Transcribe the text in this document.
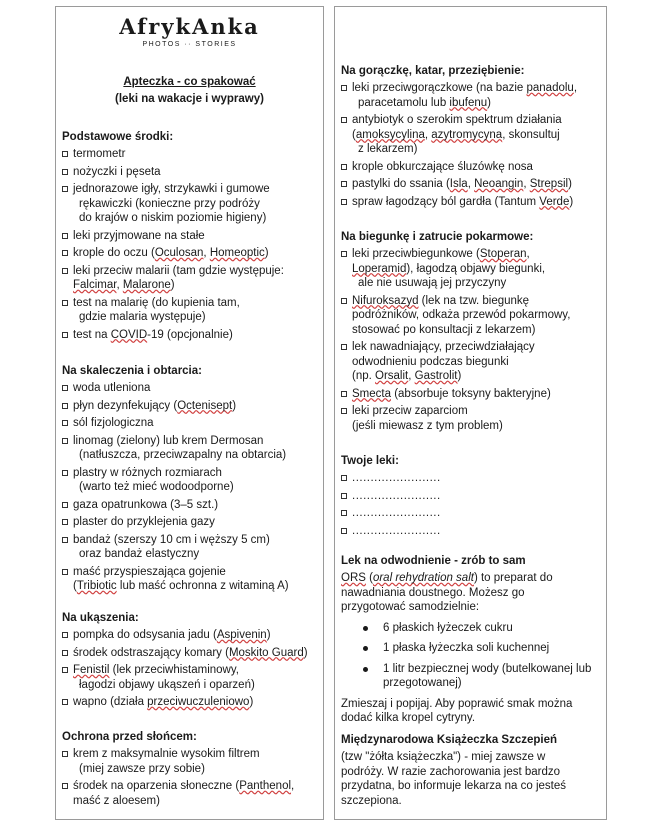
AfrykAnka
PHOTOS ·· STORIES
Apteczka - co spakować
(leki na wakacje i wyprawy)
Podstawowe środki:
termometr
nożyczki i pęseta
jednorazowe igły, strzykawki i gumowe
rękawiczki (konieczne przy podróży
do krajów o niskim poziomie higieny)
leki przyjmowane na stałe
krople do oczu (Oculosan, Homeoptic)
leki przeciw malarii (tam gdzie występuje:
Falcimar, Malarone)
test na malarię (do kupienia tam,
gdzie malaria występuje)
test na COVID-19 (opcjonalnie)
Na skaleczenia i obtarcia:
woda utleniona
płyn dezynfekujący (Octenisept)
sól fizjologiczna
linomag (zielony) lub krem Dermosan
(natłuszcza, przeciwzapalny na obtarcia)
plastry w różnych rozmiarach
(warto też mieć wodoodporne)
gaza opatrunkowa (3–5 szt.)
plaster do przyklejenia gazy
bandaż (szerszy 10 cm i węższy 5 cm)
oraz bandaż elastyczny
maść przyspieszająca gojenie
(Tribiotic lub maść ochronna z witaminą A)
Na ukąszenia:
pompka do odsysania jadu (Aspivenin)
środek odstraszający komary (Moskito Guard)
Fenistil (lek przeciwhistaminowy,
łagodzi objawy ukąszeń i oparzeń)
wapno (działa przeciwuczuleniowo)
Ochrona przed słońcem:
krem z maksymalnie wysokim filtrem
(miej zawsze przy sobie)
środek na oparzenia słoneczne (Panthenol,
maść z aloesem)
Na gorączkę, katar, przeziębienie:
leki przeciwgorączkowe (na bazie panadolu,
paracetamolu lub ibufenu)
antybiotyk o szerokim spektrum działania
(amoksycylina, azytromycyna, skonsultuj
z lekarzem)
krople obkurczające śluzówkę nosa
pastylki do ssania (Isla, Neoangin, Strepsil)
spraw łagodzący ból gardła (Tantum Verde)
Na biegunkę i zatrucie pokarmowe:
leki przeciwbiegunkowe (Stoperan,
Loperamid), łagodzą objawy biegunki,
ale nie usuwają jej przyczyny
Nifuroksazyd (lek na tzw. biegunkę
podróżników, odkaża przewód pokarmowy,
stosować po konsultacji z lekarzem)
lek nawadniający, przeciwdziałający
odwodnieniu podczas biegunki
(np. Orsalit, Gastrolit)
Smecta (absorbuje toksyny bakteryjne)
leki przeciw zaparciom
(jeśli miewasz z tym problem)
Twoje leki:
........................
........................
........................
........................
Lek na odwodnienie - zrób to sam

ORS (oral rehydration salt) to preparat do
nawadniania doustnego. Możesz go
przygotować samodzielnie:

6 płaskich łyżeczek cukru
1 płaska łyżeczka soli kuchennej
1 litr bezpiecznej wody (butelkowanej lub
przegotowanej)

Zmieszaj i popijaj. Aby poprawić smak można
dodać kilka kropel cytryny.

Międzynarodowa Książeczka Szczepień

(tzw "żółta książeczka") - miej zawsze w
podróży. W razie zachorowania jest bardzo
przydatna, bo informuje lekarza na co jesteś
szczepiona.
